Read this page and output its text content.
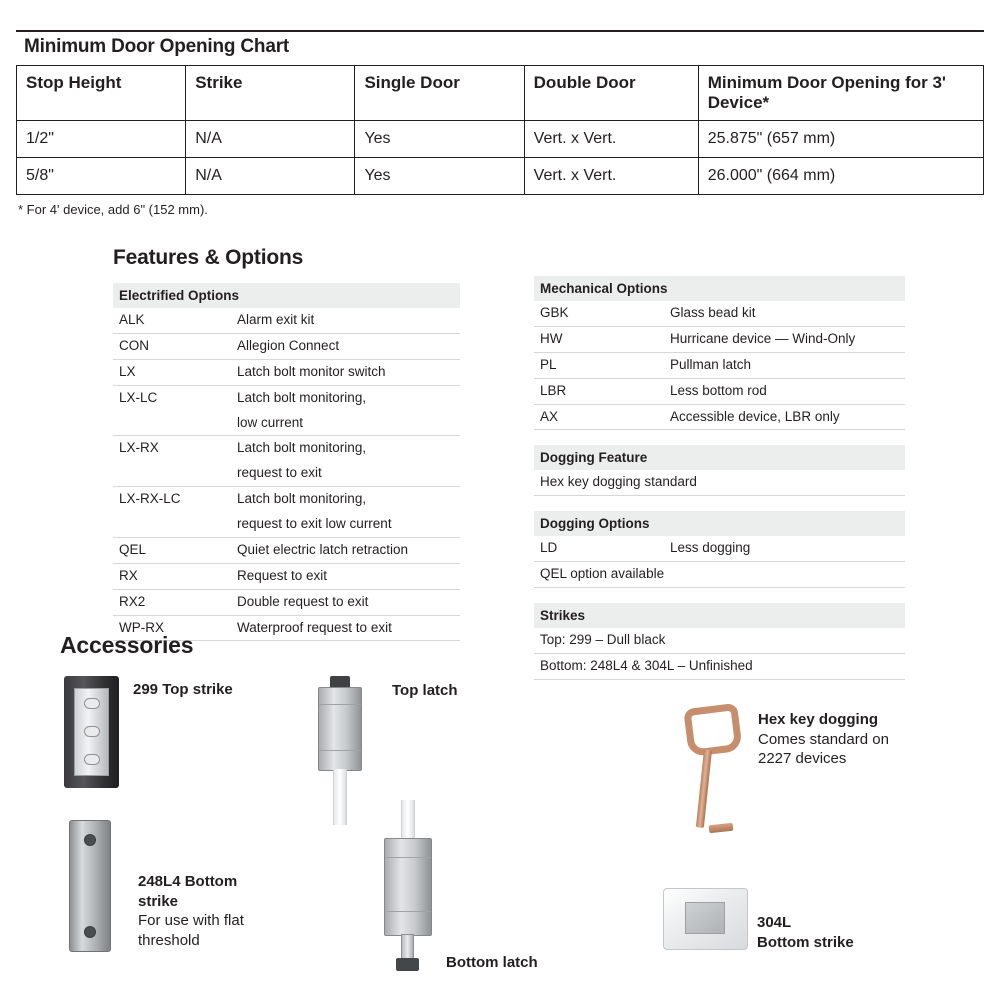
Minimum Door Opening Chart
Stop Height	Strike	Single Door	Double Door	Minimum Door Opening for 3' Device*
1/2"	N/A	Yes	Vert. x Vert.	25.875" (657 mm)
5/8"	N/A	Yes	Vert. x Vert.	26.000" (664 mm)
* For 4' device, add 6" (152 mm).
Features & Options
Electrified Options
ALK	Alarm exit kit
CON	Allegion Connect
LX	Latch bolt monitor switch
LX-LC	Latch bolt monitoring,
low current
LX-RX	Latch bolt monitoring,
request to exit
LX-RX-LC	Latch bolt monitoring,
request to exit low current
QEL	Quiet electric latch retraction
RX	Request to exit
RX2	Double request to exit
WP-RX	Waterproof request to exit
Mechanical Options
GBK	Glass bead kit
HW	Hurricane device — Wind-Only
PL	Pullman latch
LBR	Less bottom rod
AX	Accessible device, LBR only
Dogging Feature
Hex key dogging standard
Dogging Options
LD	Less dogging
QEL option available
Strikes
Top: 299 – Dull black
Bottom: 248L4 & 304L – Unfinished
Accessories
299 Top strike
248L4 Bottom
strike
For use with flat
threshold
Top latch
Bottom latch
Hex key dogging
Comes standard on
2227 devices
304L
Bottom strike
